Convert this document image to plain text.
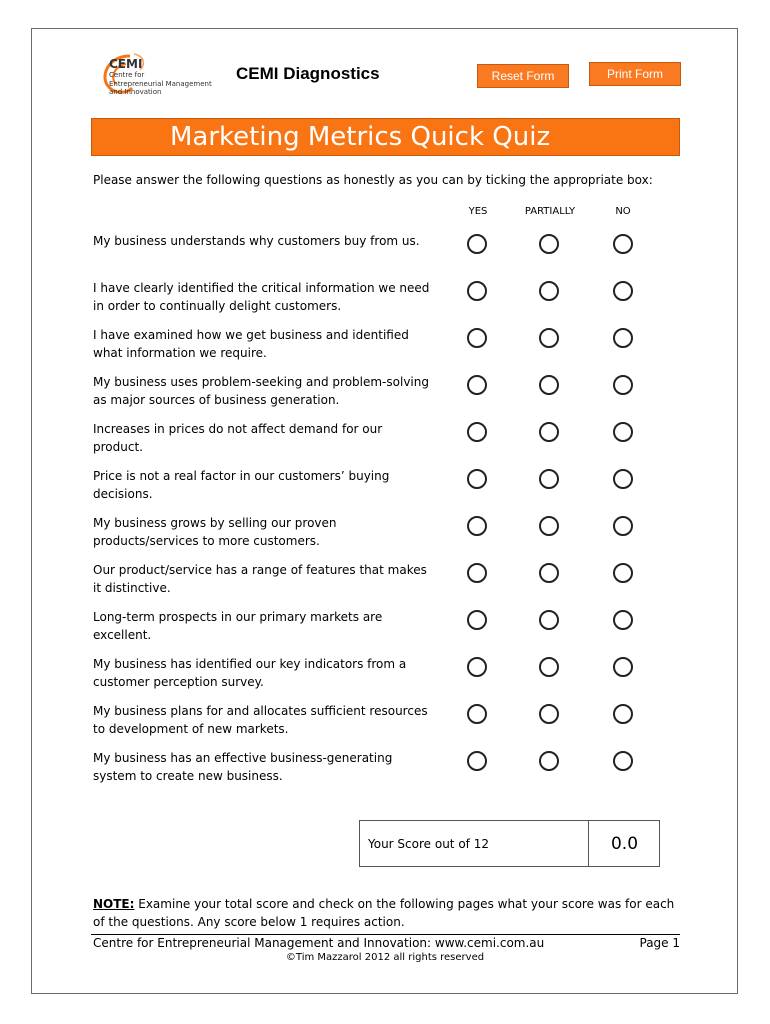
CEMI
Centre for
Entrepreneurial Management
and Innovation
CEMI Diagnostics	Reset Form	Print Form
Marketing Metrics Quick Quiz
Please answer the following questions as honestly as you can by ticking the appropriate box:
YES	PARTIALLY	NO
My business understands why customers buy from us.
I have clearly identified the critical information we need
in order to continually delight customers.
I have examined how we get business and identified
what information we require.
My business uses problem-seeking and problem-solving
as major sources of business generation.
Increases in prices do not affect demand for our
product.
Price is not a real factor in our customers’ buying
decisions.
My business grows by selling our proven
products/services to more customers.
Our product/service has a range of features that makes
it distinctive.
Long-term prospects in our primary markets are
excellent.
My business has identified our key indicators from a
customer perception survey.
My business plans for and allocates sufficient resources
to development of new markets.
My business has an effective business-generating
system to create new business.
Your Score out of 12	0.0
NOTE: Examine your total score and check on the following pages what your score was for each of the questions. Any score below 1 requires action.
Centre for Entrepreneurial Management and Innovation: www.cemi.com.au	Page 1
©Tim Mazzarol 2012 all rights reserved
